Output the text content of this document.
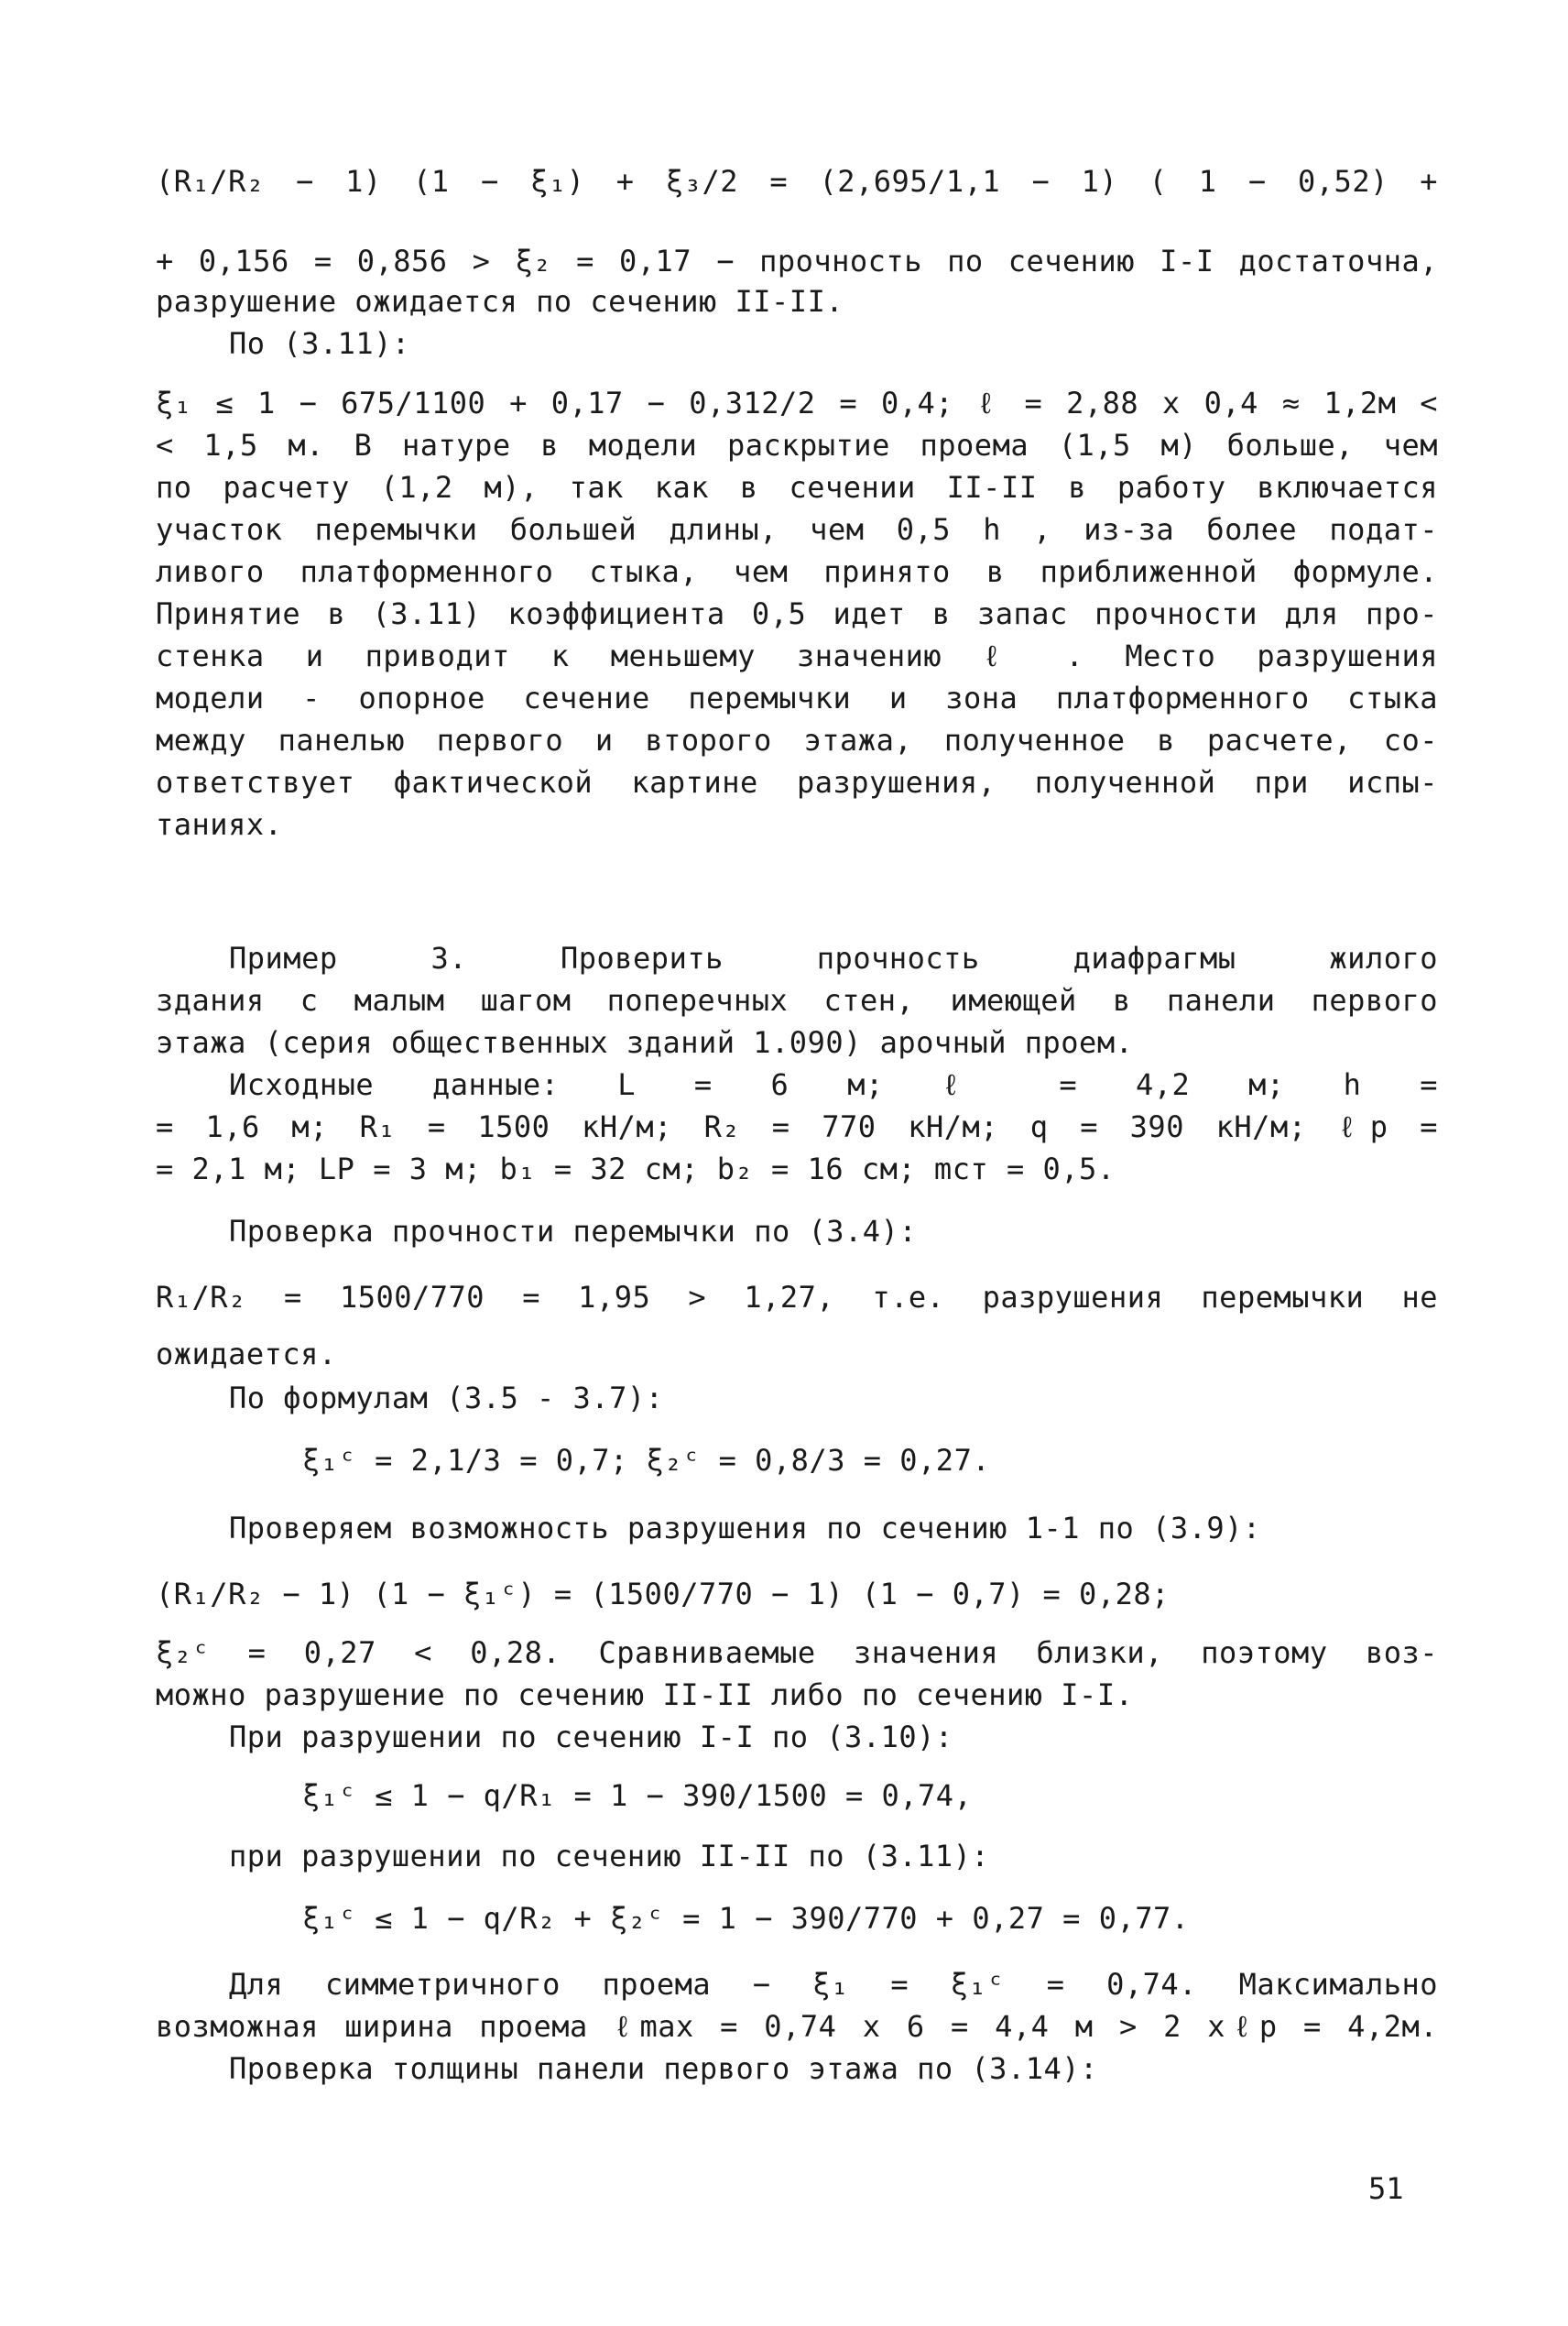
(R₁/R₂ − 1) (1 − ξ₁) + ξ₃/2 = (2,695/1,1 − 1) ( 1 − 0,52) +
+ 0,156 = 0,856 > ξ₂ = 0,17 − прочность по сечению I-I достаточна,
разрушение ожидается по сечению II-II.
По (3.11):
ξ₁ ≤ 1 − 675/1100 + 0,17 − 0,312/2 = 0,4; ℓ = 2,88 x 0,4 ≈ 1,2м <
< 1,5 м. В натуре в модели раскрытие проема (1,5 м) больше, чем
по расчету (1,2 м), так как в сечении II-II в работу включается
участок перемычки большей длины, чем 0,5 h , из-за более подат-
ливого платформенного стыка, чем принято в приближенной формуле.
Принятие в (3.11) коэффициента 0,5 идет в запас прочности для про-
стенка и приводит к меньшему значению ℓ . Место разрушения
модели - опорное сечение перемычки и зона платформенного стыка
между панелью первого и второго этажа, полученное в расчете, со-
ответствует фактической картине разрушения, полученной при испы-
таниях.
Пример 3. Проверить прочность диафрагмы жилого
здания с малым шагом поперечных стен, имеющей в панели первого
этажа (серия общественных зданий 1.090) арочный проем.
Исходные данные: L = 6 м; ℓ = 4,2 м; h =
= 1,6 м; R₁ = 1500 кН/м; R₂ = 770 кН/м; q = 390 кН/м; ℓp =
= 2,1 м; LP = 3 м; b₁ = 32 см; b₂ = 16 см; mст = 0,5.
Проверка прочности перемычки по (3.4):
R₁/R₂ = 1500/770 = 1,95 > 1,27, т.е. разрушения перемычки не
ожидается.
По формулам (3.5 - 3.7):
ξ₁ᶜ = 2,1/3 = 0,7; ξ₂ᶜ = 0,8/3 = 0,27.
Проверяем возможность разрушения по сечению 1-1 по (3.9):
(R₁/R₂ − 1) (1 − ξ₁ᶜ) = (1500/770 − 1) (1 − 0,7) = 0,28;
ξ₂ᶜ = 0,27 < 0,28. Сравниваемые значения близки, поэтому воз-
можно разрушение по сечению II-II либо по сечению I-I.
При разрушении по сечению I-I по (3.10):
ξ₁ᶜ ≤ 1 − q/R₁ = 1 − 390/1500 = 0,74,
при разрушении по сечению II-II по (3.11):
ξ₁ᶜ ≤ 1 − q/R₂ + ξ₂ᶜ = 1 − 390/770 + 0,27 = 0,77.
Для симметричного проема − ξ₁ = ξ₁ᶜ = 0,74. Максимально
возможная ширина проема ℓmax = 0,74 x 6 = 4,4 м > 2 xℓp = 4,2м.
Проверка толщины панели первого этажа по (3.14):
51
